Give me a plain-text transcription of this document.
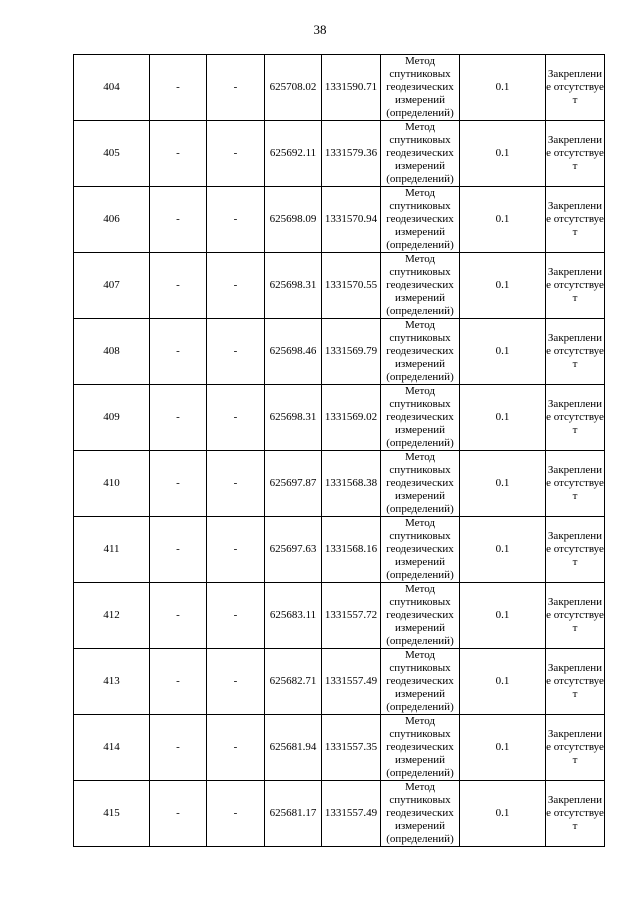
38
404	-	-	625708.02	1331590.71	Метод
спутниковых
геодезических
измерений
(определений)	0.1	Закрепление отсутствует
405	-	-	625692.11	1331579.36	Метод
спутниковых
геодезических
измерений
(определений)	0.1	Закрепление отсутствует
406	-	-	625698.09	1331570.94	Метод
спутниковых
геодезических
измерений
(определений)	0.1	Закрепление отсутствует
407	-	-	625698.31	1331570.55	Метод
спутниковых
геодезических
измерений
(определений)	0.1	Закрепление отсутствует
408	-	-	625698.46	1331569.79	Метод
спутниковых
геодезических
измерений
(определений)	0.1	Закрепление отсутствует
409	-	-	625698.31	1331569.02	Метод
спутниковых
геодезических
измерений
(определений)	0.1	Закрепление отсутствует
410	-	-	625697.87	1331568.38	Метод
спутниковых
геодезических
измерений
(определений)	0.1	Закрепление отсутствует
411	-	-	625697.63	1331568.16	Метод
спутниковых
геодезических
измерений
(определений)	0.1	Закрепление отсутствует
412	-	-	625683.11	1331557.72	Метод
спутниковых
геодезических
измерений
(определений)	0.1	Закрепление отсутствует
413	-	-	625682.71	1331557.49	Метод
спутниковых
геодезических
измерений
(определений)	0.1	Закрепление отсутствует
414	-	-	625681.94	1331557.35	Метод
спутниковых
геодезических
измерений
(определений)	0.1	Закрепление отсутствует
415	-	-	625681.17	1331557.49	Метод
спутниковых
геодезических
измерений
(определений)	0.1	Закрепление отсутствует
